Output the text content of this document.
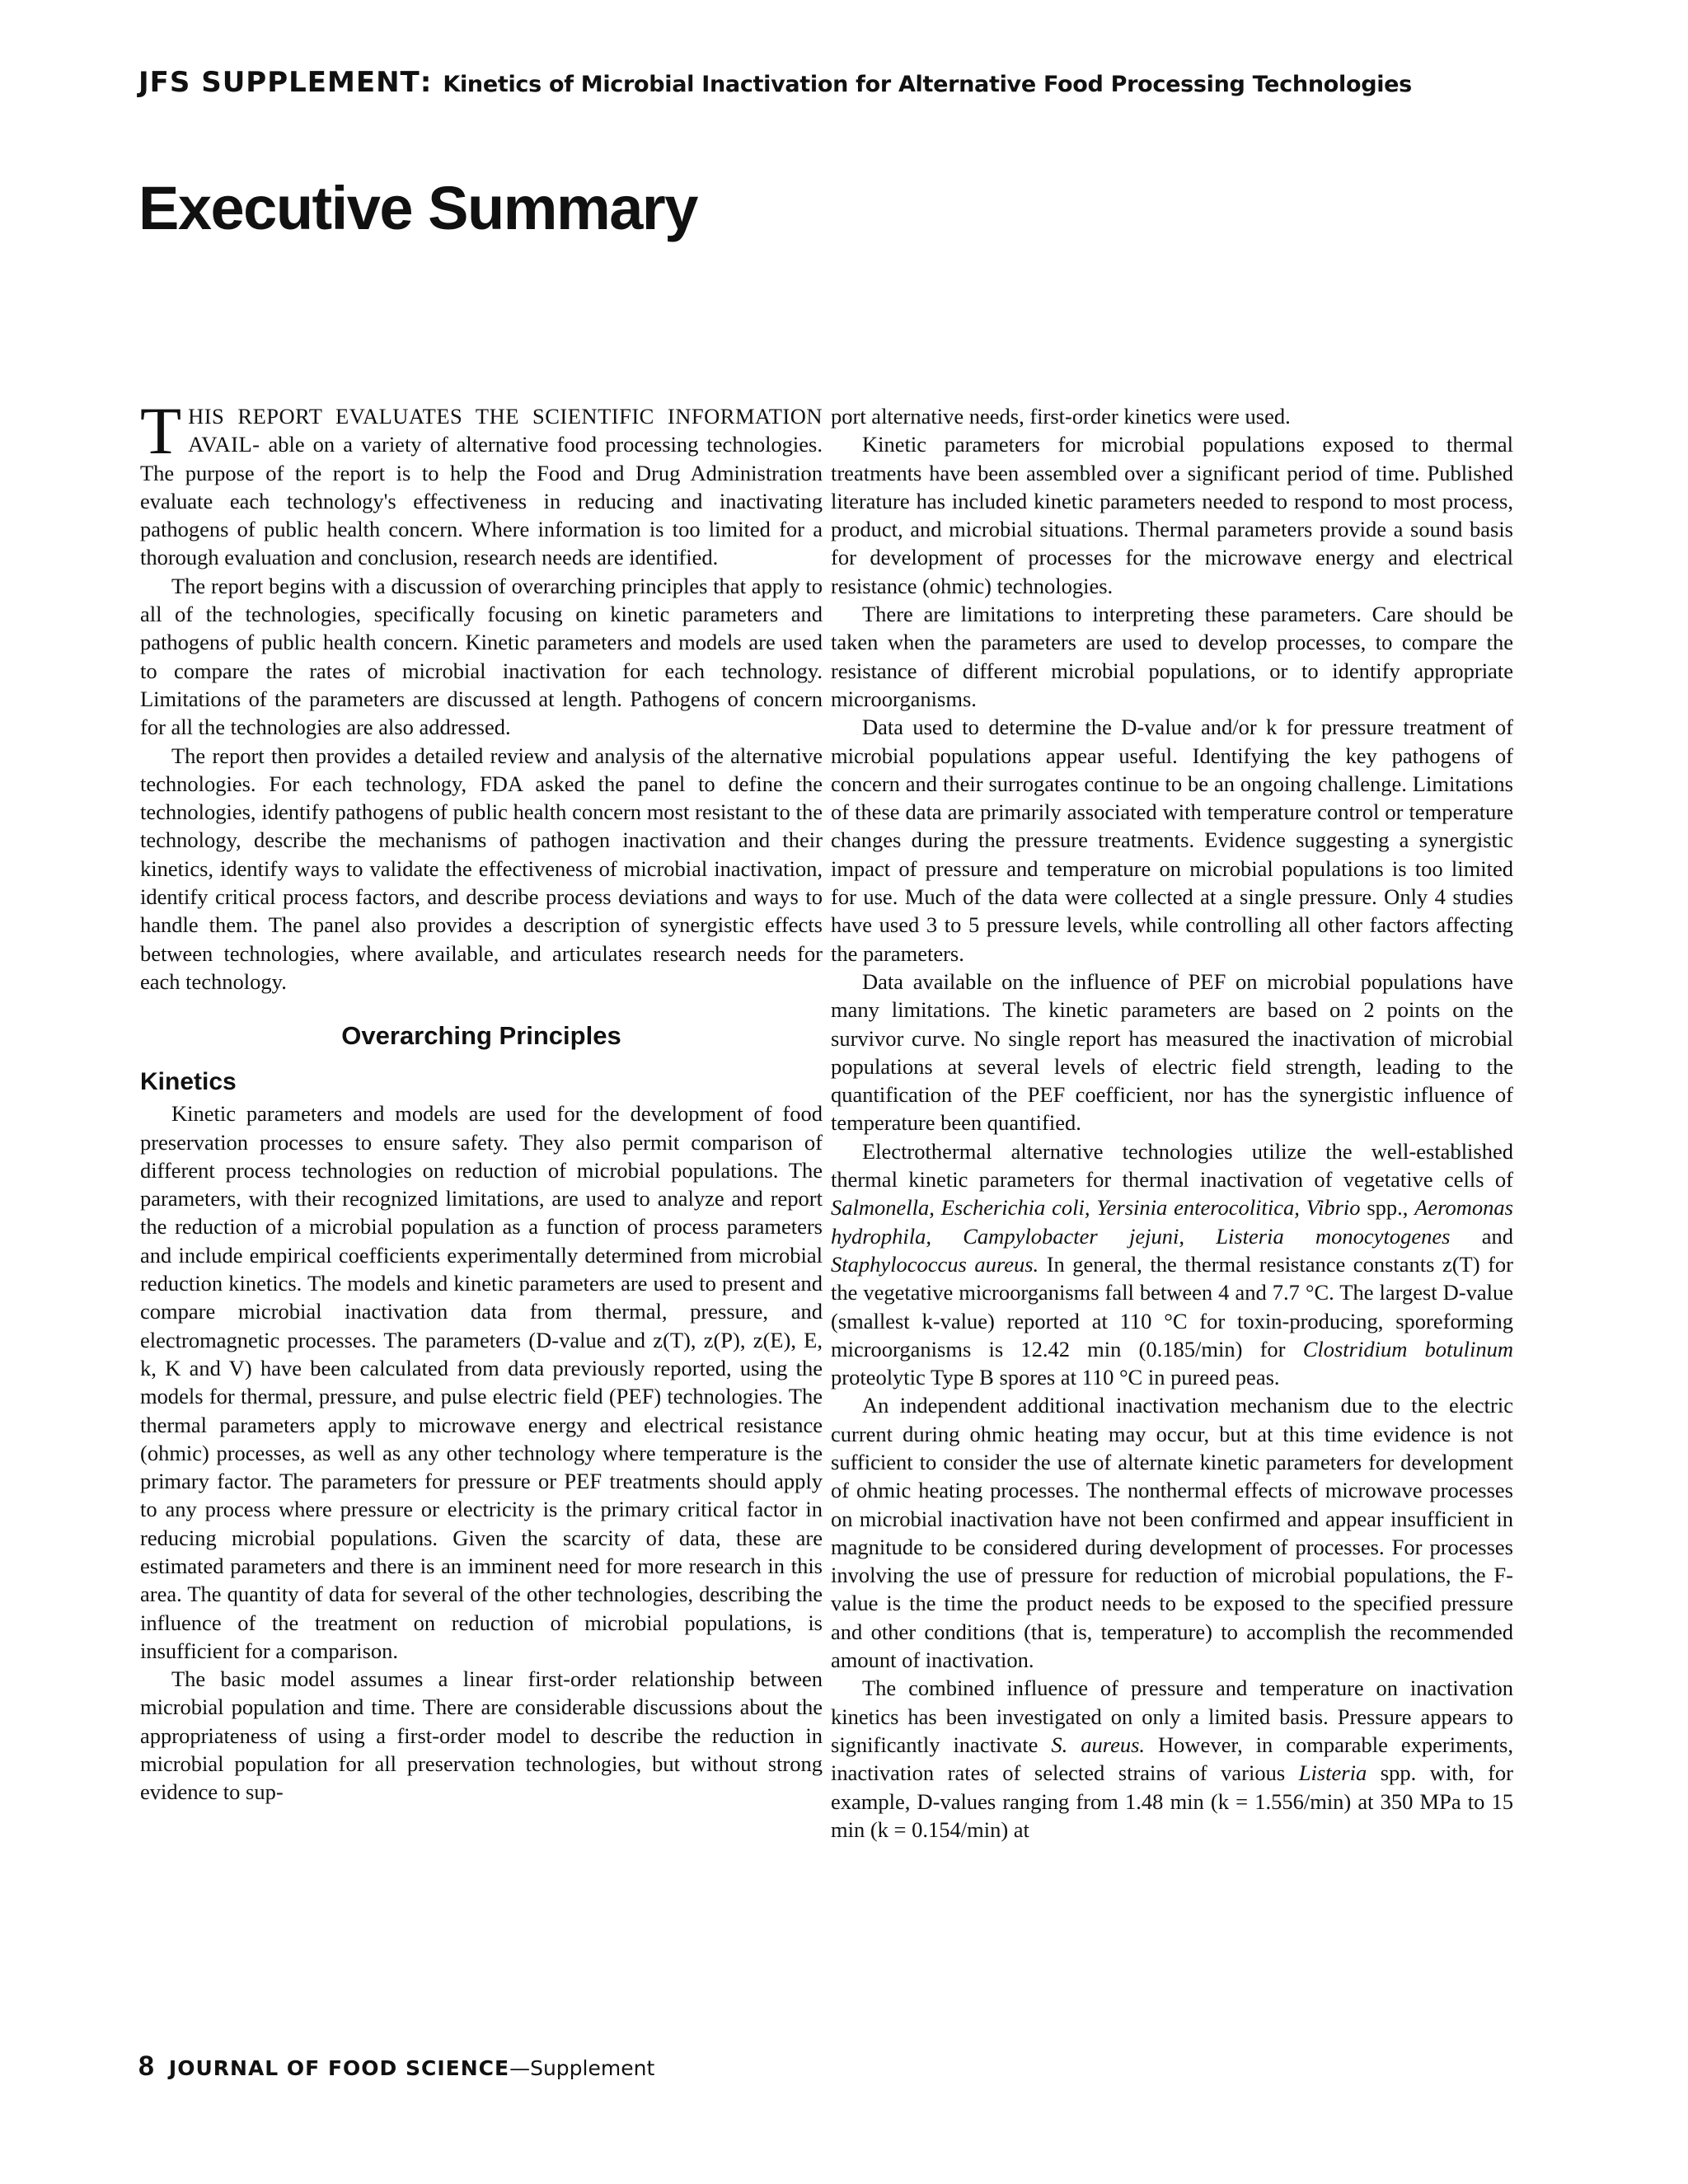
JFS SUPPLEMENT: Kinetics of Microbial Inactivation for Alternative Food Processing Technologies
Executive Summary

THIS REPORT EVALUATES THE SCIENTIFIC INFORMATION AVAIL- able on a variety of alternative food processing technologies. The purpose of the report is to help the Food and Drug Administration evaluate each technology's effectiveness in reducing and inactivating pathogens of public health concern. Where information is too limited for a thorough evaluation and conclusion, research needs are identified.

The report begins with a discussion of overarching principles that apply to all of the technologies, specifically focusing on kinetic parameters and pathogens of public health concern. Kinetic parameters and models are used to compare the rates of microbial inactivation for each technology. Limitations of the parameters are discussed at length. Pathogens of concern for all the technologies are also addressed.

The report then provides a detailed review and analysis of the alternative technologies. For each technology, FDA asked the panel to define the technologies, identify pathogens of public health concern most resistant to the technology, describe the mechanisms of pathogen inactivation and their kinetics, identify ways to validate the effectiveness of microbial inactivation, identify critical process factors, and describe process deviations and ways to handle them. The panel also provides a description of synergistic effects between technologies, where available, and articulates research needs for each technology.

Overarching Principles
Kinetics

Kinetic parameters and models are used for the development of food preservation processes to ensure safety. They also permit comparison of different process technologies on reduction of microbial populations. The parameters, with their recognized limitations, are used to analyze and report the reduction of a microbial population as a function of process parameters and include empirical coefficients experimentally determined from microbial reduction kinetics. The models and kinetic parameters are used to present and compare microbial inactivation data from thermal, pressure, and electromagnetic processes. The parameters (D-value and z(T), z(P), z(E), E, k, K and V) have been calculated from data previously reported, using the models for thermal, pressure, and pulse electric field (PEF) technologies. The thermal parameters apply to microwave energy and electrical resistance (ohmic) processes, as well as any other technology where temperature is the primary factor. The parameters for pressure or PEF treatments should apply to any process where pressure or electricity is the primary critical factor in reducing microbial populations. Given the scarcity of data, these are estimated parameters and there is an imminent need for more research in this area. The quantity of data for several of the other technologies, describing the influence of the treatment on reduction of microbial populations, is insufficient for a comparison.

The basic model assumes a linear first-order relationship between microbial population and time. There are considerable discussions about the appropriateness of using a first-order model to describe the reduction in microbial population for all preservation technologies, but without strong evidence to sup-

port alternative needs, first-order kinetics were used.

Kinetic parameters for microbial populations exposed to thermal treatments have been assembled over a significant period of time. Published literature has included kinetic parameters needed to respond to most process, product, and microbial situations. Thermal parameters provide a sound basis for development of processes for the microwave energy and electrical resistance (ohmic) technologies.

There are limitations to interpreting these parameters. Care should be taken when the parameters are used to develop processes, to compare the resistance of different microbial populations, or to identify appropriate microorganisms.

Data used to determine the D-value and/or k for pressure treatment of microbial populations appear useful. Identifying the key pathogens of concern and their surrogates continue to be an ongoing challenge. Limitations of these data are primarily associated with temperature control or temperature changes during the pressure treatments. Evidence suggesting a synergistic impact of pressure and temperature on microbial populations is too limited for use. Much of the data were collected at a single pressure. Only 4 studies have used 3 to 5 pressure levels, while controlling all other factors affecting the parameters.

Data available on the influence of PEF on microbial populations have many limitations. The kinetic parameters are based on 2 points on the survivor curve. No single report has measured the inactivation of microbial populations at several levels of electric field strength, leading to the quantification of the PEF coefficient, nor has the synergistic influence of temperature been quantified.

Electrothermal alternative technologies utilize the well-established thermal kinetic parameters for thermal inactivation of vegetative cells of Salmonella, Escherichia coli, Yersinia enterocolitica, Vibrio spp., Aeromonas hydrophila, Campylobacter jejuni, Listeria monocytogenes and Staphylococcus aureus. In general, the thermal resistance constants z(T) for the vegetative microorganisms fall between 4 and 7.7 °C. The largest D-value (smallest k-value) reported at 110 °C for toxin-producing, sporeforming microorganisms is 12.42 min (0.185/min) for Clostridium botulinum proteolytic Type B spores at 110 °C in pureed peas.

An independent additional inactivation mechanism due to the electric current during ohmic heating may occur, but at this time evidence is not sufficient to consider the use of alternate kinetic parameters for development of ohmic heating processes. The nonthermal effects of microwave processes on microbial inactivation have not been confirmed and appear insufficient in magnitude to be considered during development of processes. For processes involving the use of pressure for reduction of microbial populations, the F-value is the time the product needs to be exposed to the specified pressure and other conditions (that is, temperature) to accomplish the recommended amount of inactivation.

The combined influence of pressure and temperature on inactivation kinetics has been investigated on only a limited basis. Pressure appears to significantly inactivate S. aureus. However, in comparable experiments, inactivation rates of selected strains of various Listeria spp. with, for example, D-values ranging from 1.48 min (k = 1.556/min) at 350 MPa to 15 min (k = 0.154/min) at

8 JOURNAL OF FOOD SCIENCE—Supplement
